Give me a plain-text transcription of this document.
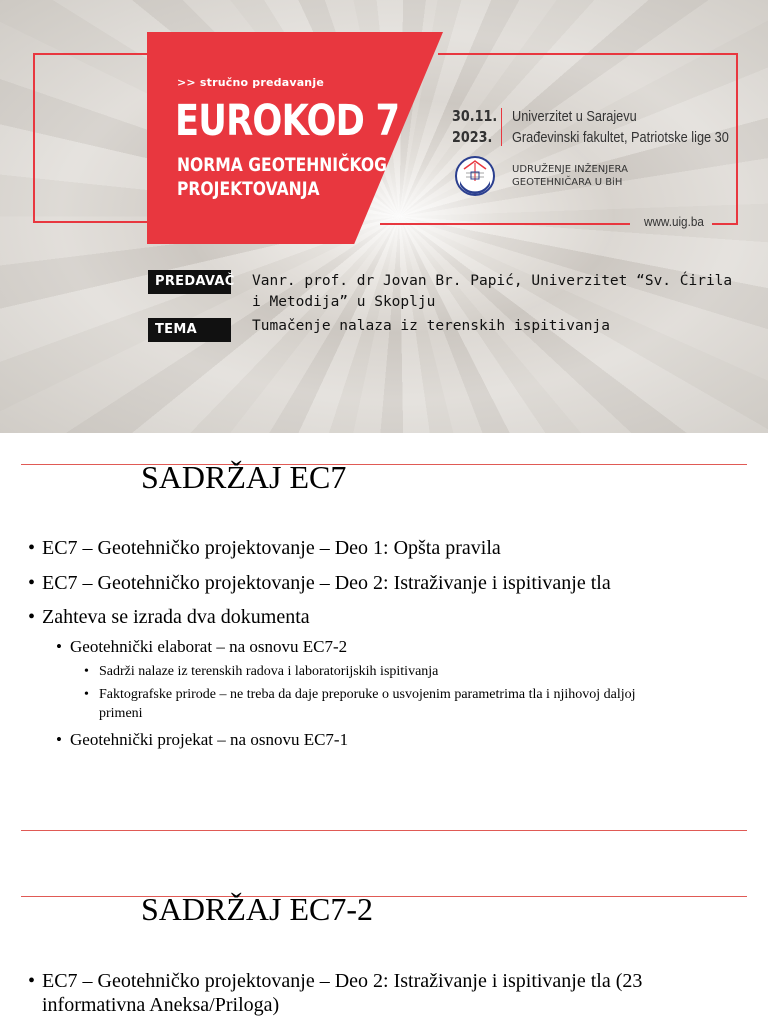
>> stručno predavanje
EUROKOD 7
NORMA GEOTEHNIČKOG
PROJEKTOVANJA
30.11.
2023.
Univerzitet u Sarajevu
Građevinski fakultet, Patriotske lige 30
UDRUŽENJE INŽENJERA
GEOTEHNIČARA U BiH
www.uig.ba
PREDAVAČ Vanr. prof. dr Jovan Br. Papić, Univerzitet “Sv. Ćirila i Metodija” u Skoplju
TEMA	Tumačenje nalaza iz terenskih ispitivanja
SADRŽAJ EC7
• EC7 – Geotehničko projektovanje – Deo 1: Opšta pravila
• EC7 – Geotehničko projektovanje – Deo 2: Istraživanje i ispitivanje tla
• Zahteva se izrada dva dokumenta
• Geotehnički elaborat – na osnovu EC7-2
• Sadrži nalaze iz terenskih radova i laboratorijskih ispitivanja
• Faktografske prirode – ne treba da daje preporuke o usvojenim parametrima tla i njihovoj daljoj
primeni
• Geotehnički projekat – na osnovu EC7-1
SADRŽAJ EC7-2
• EC7 – Geotehničko projektovanje – Deo 2: Istraživanje i ispitivanje tla (23
informativna Aneksa/Priloga)
